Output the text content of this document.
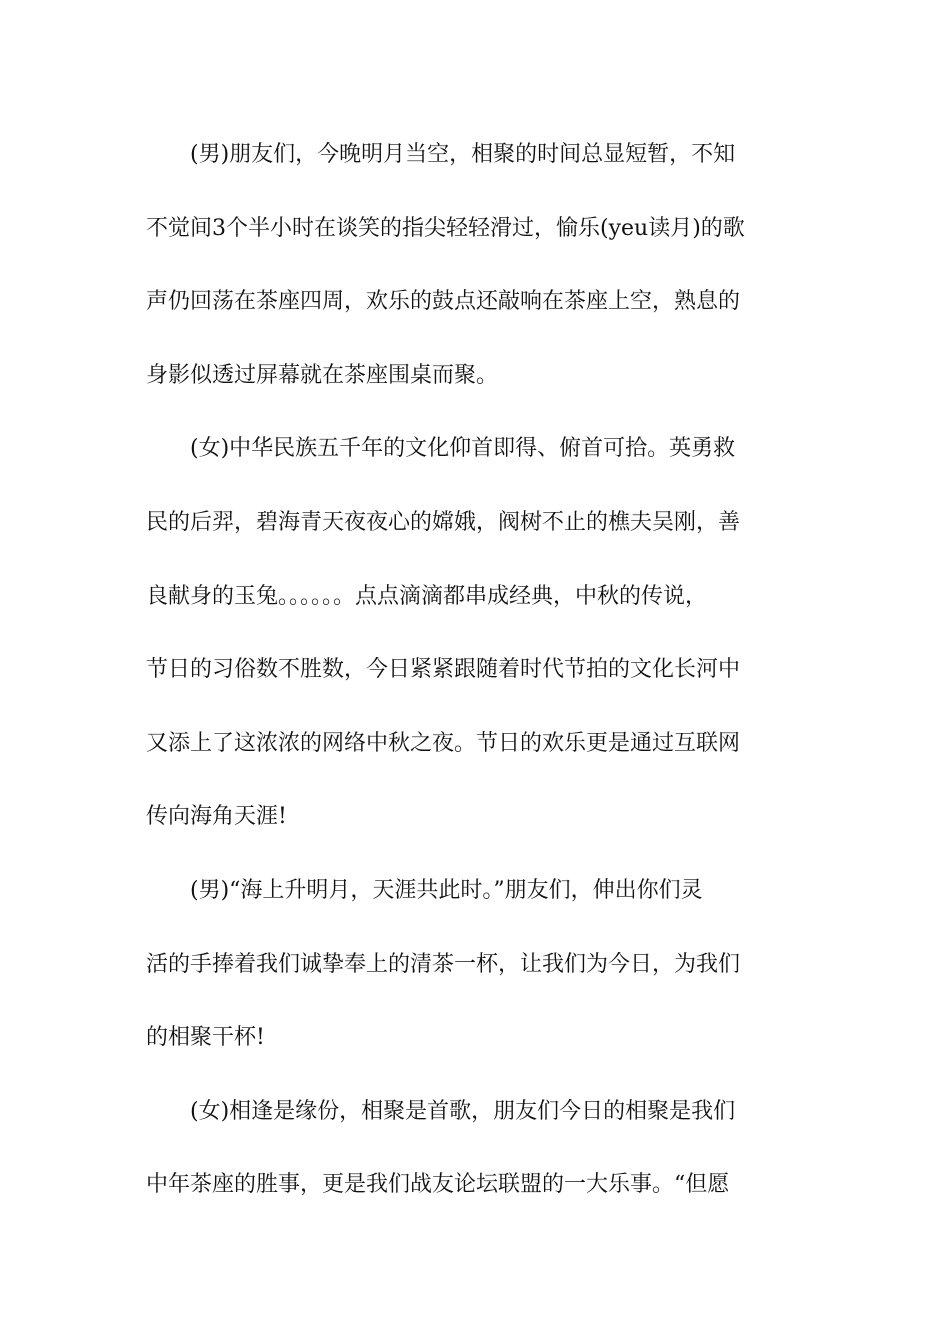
(男)朋友们，今晚明月当空，相聚的时间总显短暂，不知
不觉间3个半小时在谈笑的指尖轻轻滑过，愉乐(yeu读月)的歌
声仍回荡在茶座四周，欢乐的鼓点还敲响在茶座上空，熟息的
身影似透过屏幕就在茶座围桌而聚。
(女)中华民族五千年的文化仰首即得、俯首可拾。英勇救
民的后羿，碧海青天夜夜心的嫦娥，阀树不止的樵夫吴刚，善
良献身的玉兔。。。。。。点点滴滴都串成经典，中秋的传说，
节日的习俗数不胜数，今日紧紧跟随着时代节拍的文化长河中
又添上了这浓浓的网络中秋之夜。节日的欢乐更是通过互联网
传向海角天涯!
(男)“海上升明月，天涯共此时。”朋友们，伸出你们灵
活的手捧着我们诚挚奉上的清茶一杯，让我们为今日，为我们
的相聚干杯!
(女)相逢是缘份，相聚是首歌，朋友们今日的相聚是我们
中年茶座的胜事，更是我们战友论坛联盟的一大乐事。“但愿
